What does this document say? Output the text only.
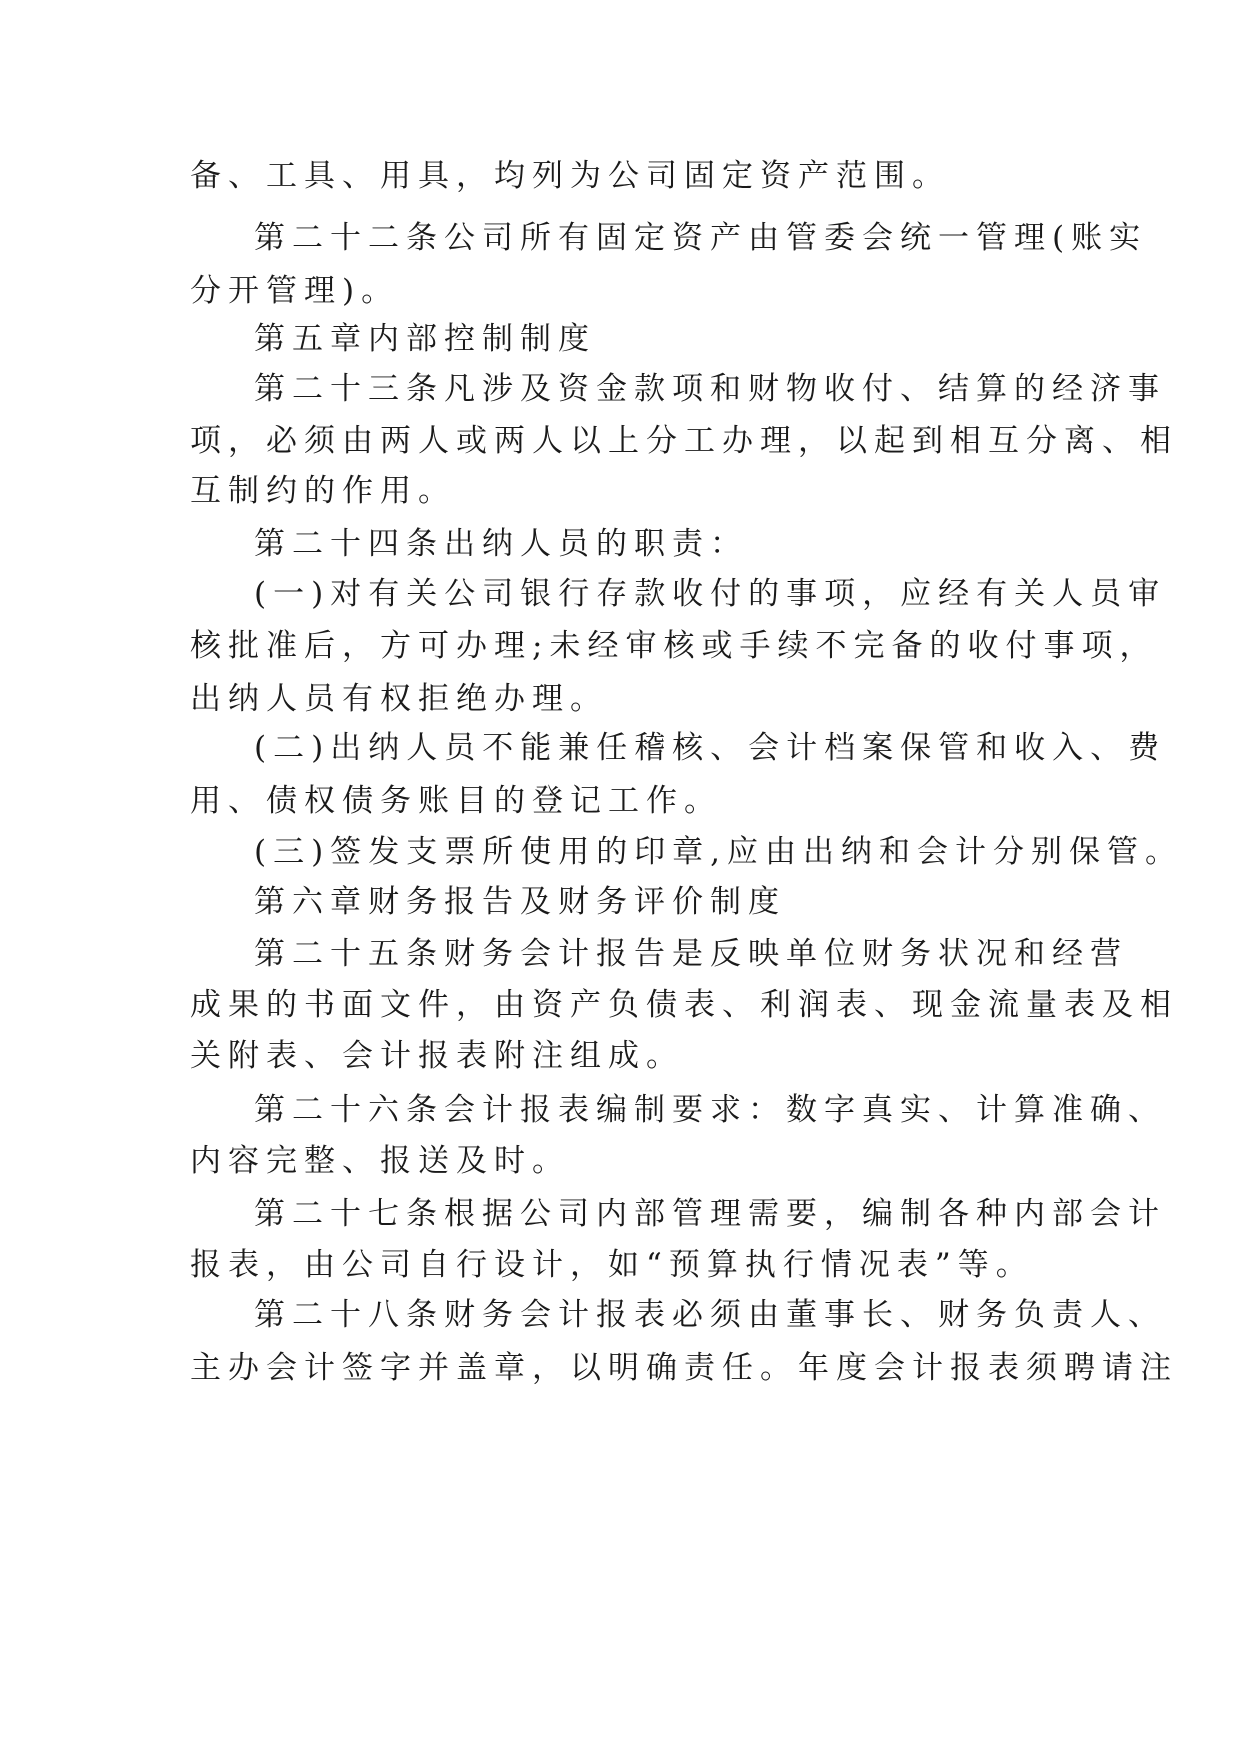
备、工具、用具，均列为公司固定资产范围。
第二十二条公司所有固定资产由管委会统一管理(账实
分开管理)。
第五章内部控制制度
第二十三条凡涉及资金款项和财物收付、结算的经济事
项，必须由两人或两人以上分工办理，以起到相互分离、相
互制约的作用。
第二十四条出纳人员的职责：
(一)对有关公司银行存款收付的事项，应经有关人员审
核批准后，方可办理;未经审核或手续不完备的收付事项，
出纳人员有权拒绝办理。
(二)出纳人员不能兼任稽核、会计档案保管和收入、费
用、债权债务账目的登记工作。
(三)签发支票所使用的印章,应由出纳和会计分别保管。
第六章财务报告及财务评价制度
第二十五条财务会计报告是反映单位财务状况和经营
成果的书面文件，由资产负债表、利润表、现金流量表及相
关附表、会计报表附注组成。
第二十六条会计报表编制要求：数字真实、计算准确、
内容完整、报送及时。
第二十七条根据公司内部管理需要，编制各种内部会计
报表，由公司自行设计，如“预算执行情况表”等。
第二十八条财务会计报表必须由董事长、财务负责人、
主办会计签字并盖章，以明确责任。年度会计报表须聘请注
